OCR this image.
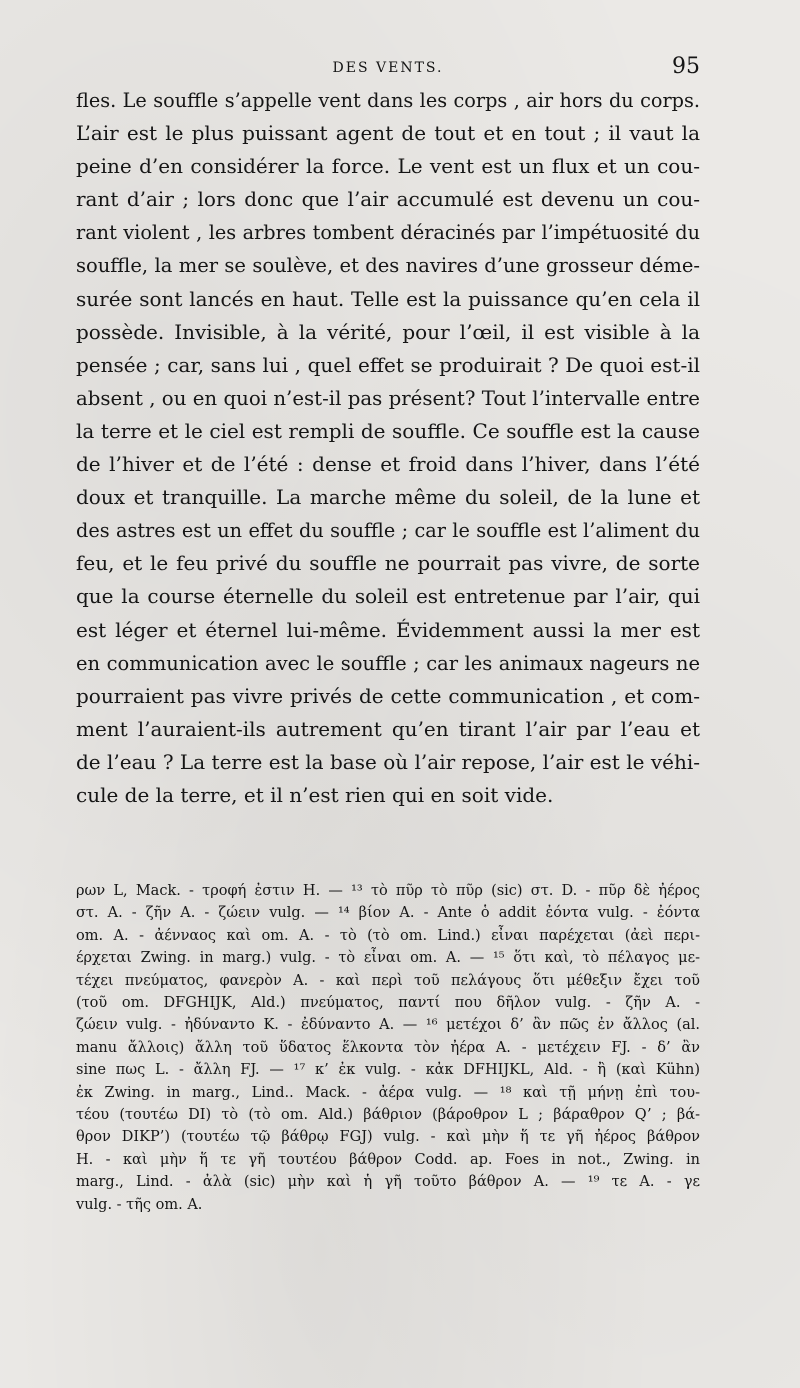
DES VENTS.	95
fles. Le souffle s’appelle vent dans les corps , air hors du corps.
L’air est le plus puissant agent de tout et en tout ; il vaut la
peine d’en considérer la force. Le vent est un flux et un cou-
rant d’air ; lors donc que l’air accumulé est devenu un cou-
rant violent , les arbres tombent déracinés par l’impétuosité du
souffle, la mer se soulève, et des navires d’une grosseur déme-
surée sont lancés en haut. Telle est la puissance qu’en cela il
possède. Invisible, à la vérité, pour l’œil, il est visible à la
pensée ; car, sans lui , quel effet se produirait ? De quoi est-il
absent , ou en quoi n’est-il pas présent? Tout l’intervalle entre
la terre et le ciel est rempli de souffle. Ce souffle est la cause
de l’hiver et de l’été : dense et froid dans l’hiver, dans l’été
doux et tranquille. La marche même du soleil, de la lune et
des astres est un effet du souffle ; car le souffle est l’aliment du
feu, et le feu privé du souffle ne pourrait pas vivre, de sorte
que la course éternelle du soleil est entretenue par l’air, qui
est léger et éternel lui-même. Évidemment aussi la mer est
en communication avec le souffle ; car les animaux nageurs ne
pourraient pas vivre privés de cette communication , et com-
ment l’auraient-ils autrement qu’en tirant l’air par l’eau et
de l’eau ? La terre est la base où l’air repose, l’air est le véhi-
cule de la terre, et il n’est rien qui en soit vide.
ρων L, Mack. - τροφή ἐστιν H. — ¹³ τὸ πῦρ τὸ πῦρ (sic) στ. D. - πῦρ δὲ ἠέρος
στ. A. - ζῆν A. - ζώειν vulg. — ¹⁴ βίον A. - Ante ὁ addit ἐόντα vulg. - ἐόντα
om. A. - ἀένναος καὶ om. A. - τὸ (τὸ om. Lind.) εἶναι παρέχεται (ἀεὶ περι-
έρχεται Zwing. in marg.) vulg. - τὸ εἶναι om. A. — ¹⁵ ὅτι καὶ, τὸ πέλαγος με-
τέχει πνεύματος, φανερὸν A. - καὶ περὶ τοῦ πελάγους ὅτι μέθεξιν ἔχει τοῦ
(τοῦ om. DFGHIJK, Ald.) πνεύματος, παντί που δῆλον vulg. - ζῆν A. -
ζώειν vulg. - ἠδύναντο K. - ἐδύναντο A. — ¹⁶ μετέχοι δ’ ἂν πῶς ἐν ἄλλος (al.
manu ἄλλοις) ἄλλη τοῦ ὕδατος ἕλκοντα τὸν ἠέρα A. - μετέχειν FJ. - δ’ ἂν
sine πως L. - ἄλλη FJ. — ¹⁷ κ’ ἐκ vulg. - κἀκ DFHIJKL, Ald. - ἢ (καὶ Kühn)
ἐκ Zwing. in marg., Lind.. Mack. - ἀέρα vulg. — ¹⁸ καὶ τῇ μήνῃ ἐπὶ του-
τέου (τουτέω DI) τὸ (τὸ om. Ald.) βάθριον (βάροθρον L ; βάραθρον Q’ ; βά-
θρον DIKP’) (τουτέω τῷ βάθρῳ FGJ) vulg. - καὶ μὴν ἥ τε γῆ ἠέρος βάθρον
H. - καὶ μὴν ἥ τε γῆ τουτέου βάθρον Codd. ap. Foes in not., Zwing. in
marg., Lind. - ἀλὰ (sic) μὴν καὶ ἡ γῆ τοῦτο βάθρον A. — ¹⁹ τε A. - γε
vulg. - τῆς om. A.
